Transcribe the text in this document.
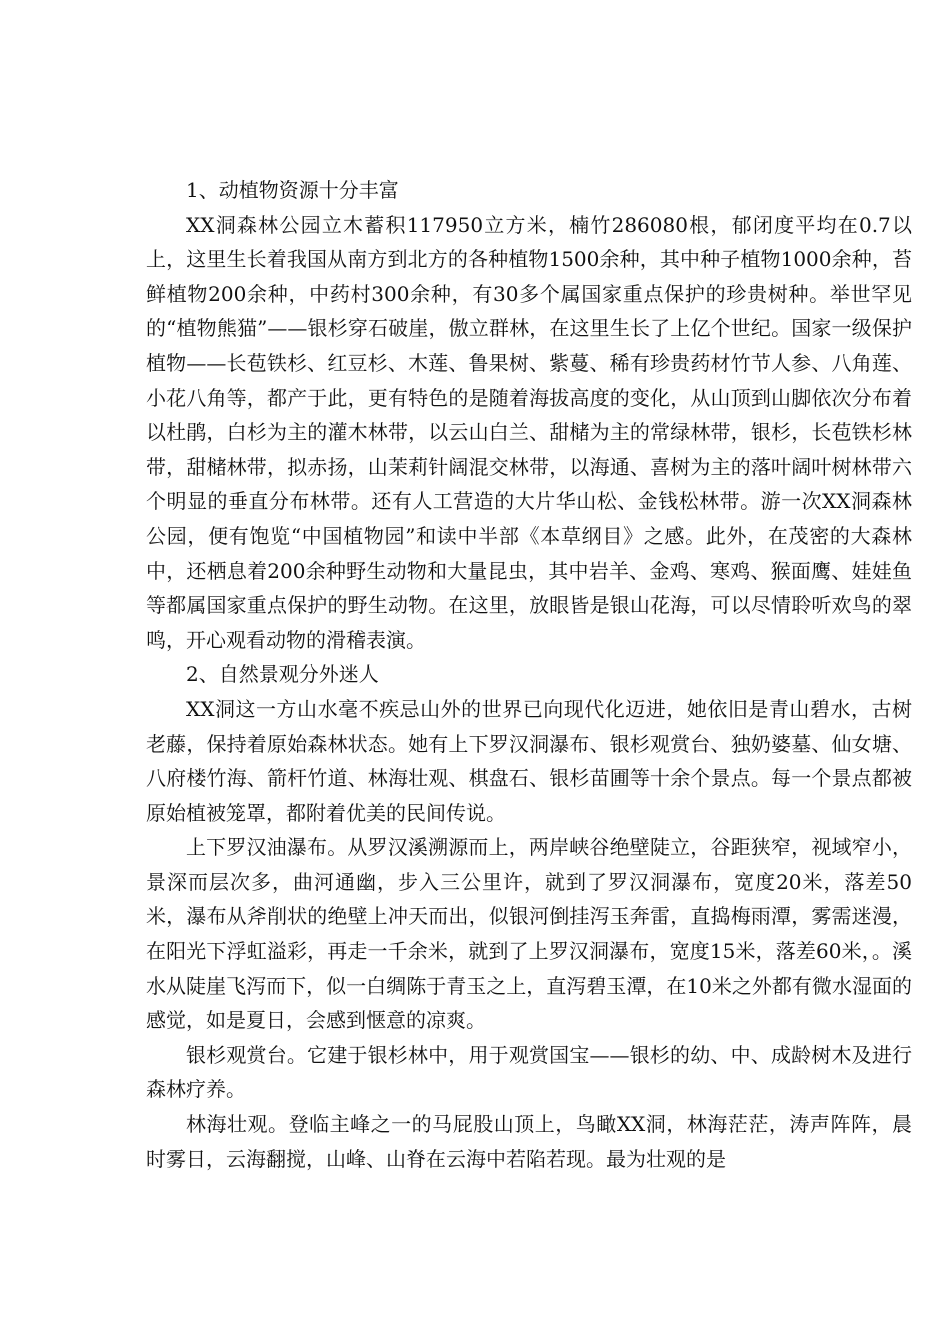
1、动植物资源十分丰富

XX洞森林公园立木蓄积117950立方米，楠竹286080根，郁闭度平均在0.7以上，这里生长着我国从南方到北方的各种植物1500余种，其中种子植物1000余种，苔鲜植物200余种，中药村300余种，有30多个属国家重点保护的珍贵树种。举世罕见的“植物熊猫”——银杉穿石破崖，傲立群林，在这里生长了上亿个世纪。国家一级保护植物——长苞铁杉、红豆杉、木莲、鲁果树、紫蔓、稀有珍贵药材竹节人参、八角莲、小花八角等，都产于此，更有特色的是随着海拔高度的变化，从山顶到山脚依次分布着以杜鹃，白杉为主的灌木林带，以云山白兰、甜槠为主的常绿林带，银杉，长苞铁杉林带，甜槠林带，拟赤扬，山茉莉针阔混交林带，以海通、喜树为主的落叶阔叶树林带六个明显的垂直分布林带。还有人工营造的大片华山松、金钱松林带。游一次XX洞森林公园，便有饱览“中国植物园”和读中半部《本草纲目》之感。此外，在茂密的大森林中，还栖息着200余种野生动物和大量昆虫，其中岩羊、金鸡、寒鸡、猴面鹰、娃娃鱼等都属国家重点保护的野生动物。在这里，放眼皆是银山花海，可以尽情聆听欢鸟的翠鸣，开心观看动物的滑稽表演。

2、自然景观分外迷人

XX洞这一方山水毫不疾忌山外的世界已向现代化迈进，她依旧是青山碧水，古树老藤，保持着原始森林状态。她有上下罗汉洞瀑布、银杉观赏台、独奶婆墓、仙女塘、八府楼竹海、箭杆竹道、林海壮观、棋盘石、银杉苗圃等十余个景点。每一个景点都被原始植被笼罩，都附着优美的民间传说。

上下罗汉油瀑布。从罗汉溪溯源而上，两岸峡谷绝壁陡立，谷距狭窄，视域窄小，景深而层次多，曲河通幽，步入三公里许，就到了罗汉洞瀑布，宽度20米，落差50米，瀑布从斧削状的绝壁上冲天而出，似银河倒挂泻玉奔雷，直捣梅雨潭，雾需迷漫，在阳光下浮虹溢彩，再走一千余米，就到了上罗汉洞瀑布，宽度15米，落差60米，。溪水从陡崖飞泻而下，似一白绸陈于青玉之上，直泻碧玉潭，在10米之外都有微水湿面的感觉，如是夏日，会感到惬意的凉爽。

银杉观赏台。它建于银杉林中，用于观赏国宝——银杉的幼、中、成龄树木及进行森林疗养。

林海壮观。登临主峰之一的马屁股山顶上，鸟瞰XX洞，林海茫茫，涛声阵阵，晨时雾日，云海翻搅，山峰、山脊在云海中若陷若现。最为壮观的是
